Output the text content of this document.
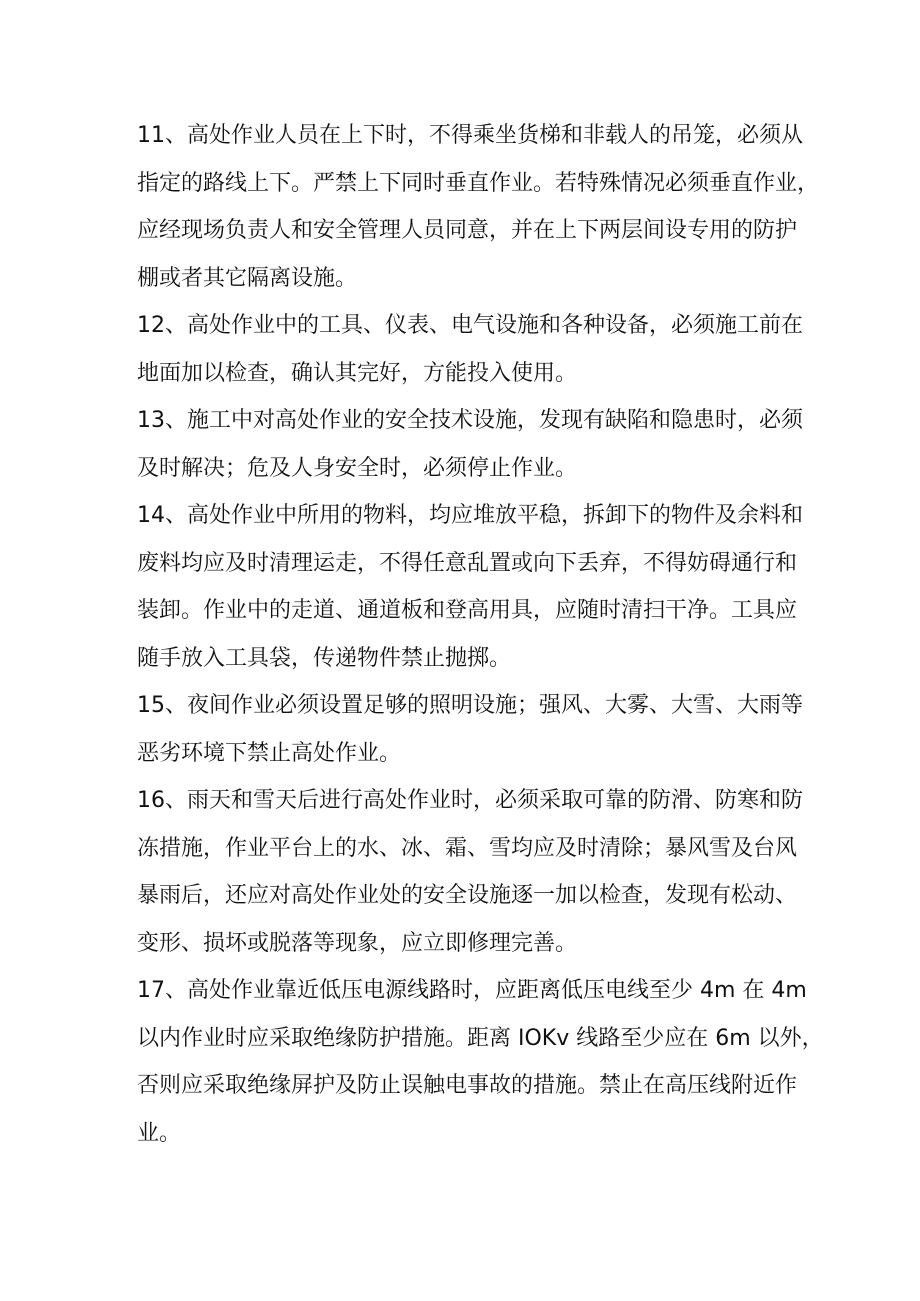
11、高处作业人员在上下时，不得乘坐货梯和非载人的吊笼，必须从
指定的路线上下。严禁上下同时垂直作业。若特殊情况必须垂直作业，
应经现场负责人和安全管理人员同意，并在上下两层间设专用的防护
棚或者其它隔离设施。
12、高处作业中的工具、仪表、电气设施和各种设备，必须施工前在
地面加以检查，确认其完好，方能投入使用。
13、施工中对高处作业的安全技术设施，发现有缺陷和隐患时，必须
及时解决；危及人身安全时，必须停止作业。
14、高处作业中所用的物料，均应堆放平稳，拆卸下的物件及余料和
废料均应及时清理运走，不得任意乱置或向下丢弃，不得妨碍通行和
装卸。作业中的走道、通道板和登高用具，应随时清扫干净。工具应
随手放入工具袋，传递物件禁止抛掷。
15、夜间作业必须设置足够的照明设施；强风、大雾、大雪、大雨等
恶劣环境下禁止高处作业。
16、雨天和雪天后进行高处作业时，必须采取可靠的防滑、防寒和防
冻措施，作业平台上的水、冰、霜、雪均应及时清除；暴风雪及台风
暴雨后，还应对高处作业处的安全设施逐一加以检查，发现有松动、
变形、损坏或脱落等现象，应立即修理完善。
17、高处作业靠近低压电源线路时，应距离低压电线至少 4m 在 4m
以内作业时应采取绝缘防护措施。距离 IOKv 线路至少应在 6m 以外，
否则应采取绝缘屏护及防止误触电事故的措施。禁止在高压线附近作
业。
